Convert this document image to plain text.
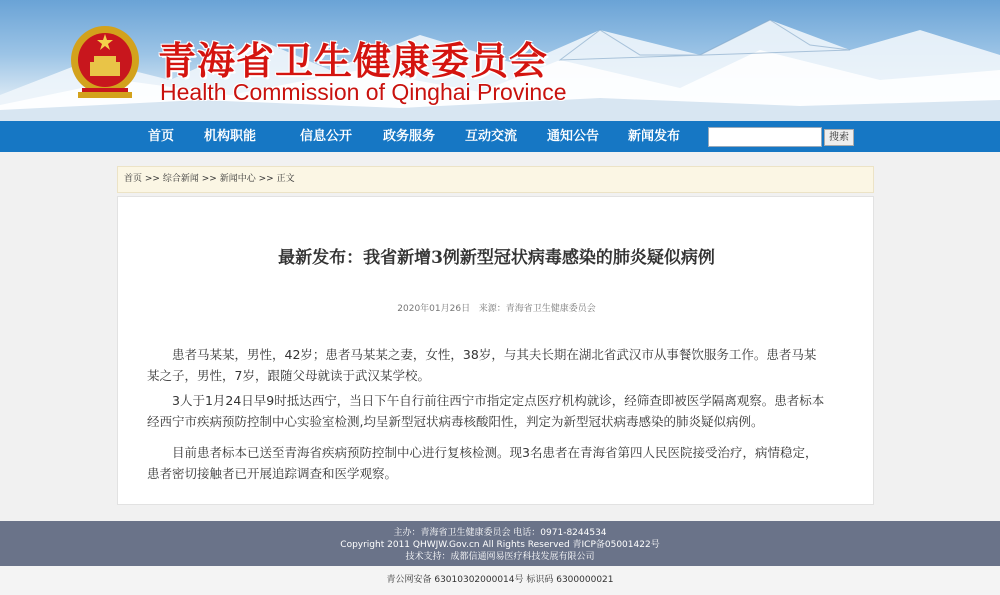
青海省卫生健康委员会
Health Commission of Qinghai Province
首页 机构职能	信息公开 政务服务 互动交流 通知公告 新闻发布	搜索
首页 >> 综合新闻 >> 新闻中心 >> 正文
最新发布：我省新增3例新型冠状病毒感染的肺炎疑似病例
2020年01月26日 来源：青海省卫生健康委员会
患者马某某，男性，42岁；患者马某某之妻，女性，38岁，与其夫长期在湖北省武汉市从事餐饮服务工作。患者马某某之子，男性，7岁，跟随父母就读于武汉某学校。
3人于1月24日早9时抵达西宁，当日下午自行前往西宁市指定定点医疗机构就诊，经筛查即被医学隔离观察。患者标本经西宁市疾病预防控制中心实验室检测,均呈新型冠状病毒核酸阳性，判定为新型冠状病毒感染的肺炎疑似病例。
目前患者标本已送至青海省疾病预防控制中心进行复核检测。现3名患者在青海省第四人民医院接受治疗，病情稳定，患者密切接触者已开展追踪调查和医学观察。
主办：青海省卫生健康委员会 电话：0971-8244534
Copyright 2011 QHWJW.Gov.cn All Rights Reserved 青ICP备05001422号
技术支持：成都信通网易医疗科技发展有限公司
青公网安备 63010302000014号 标识码 6300000021
